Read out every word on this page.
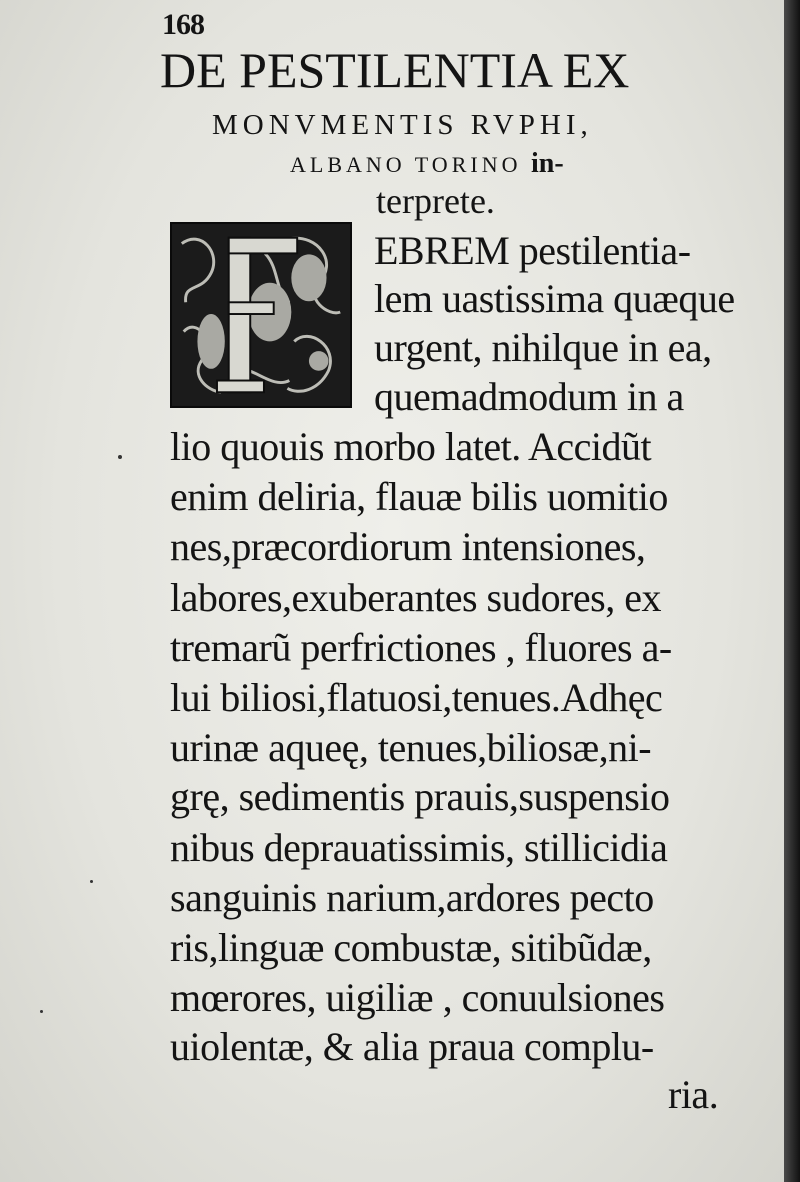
168
DE PESTILENTIA EX
MONVMENTIS RVPHI,
ALBANO TORINO in-
terprete.
EBREM pestilentia-
lem uastissima quæque
urgent, nihilque in ea,
quemadmodum in a
lio quouis morbo latet. Accidũt
enim deliria, flauæ bilis uomitio
nes,præcordiorum intensiones,
labores,exuberantes sudores, ex
tremarũ perfrictiones , fluores a-
lui biliosi,flatuosi,tenues.Adhęc
urinæ aqueę, tenues,biliosæ,ni-
grę, sedimentis prauis,suspensio
nibus deprauatissimis, stillicidia
sanguinis narium,ardores pecto
ris,linguæ combustæ, sitibũdæ,
mœrores, uigiliæ , conuulsiones
uiolentæ, & alia praua complu-
ria.
